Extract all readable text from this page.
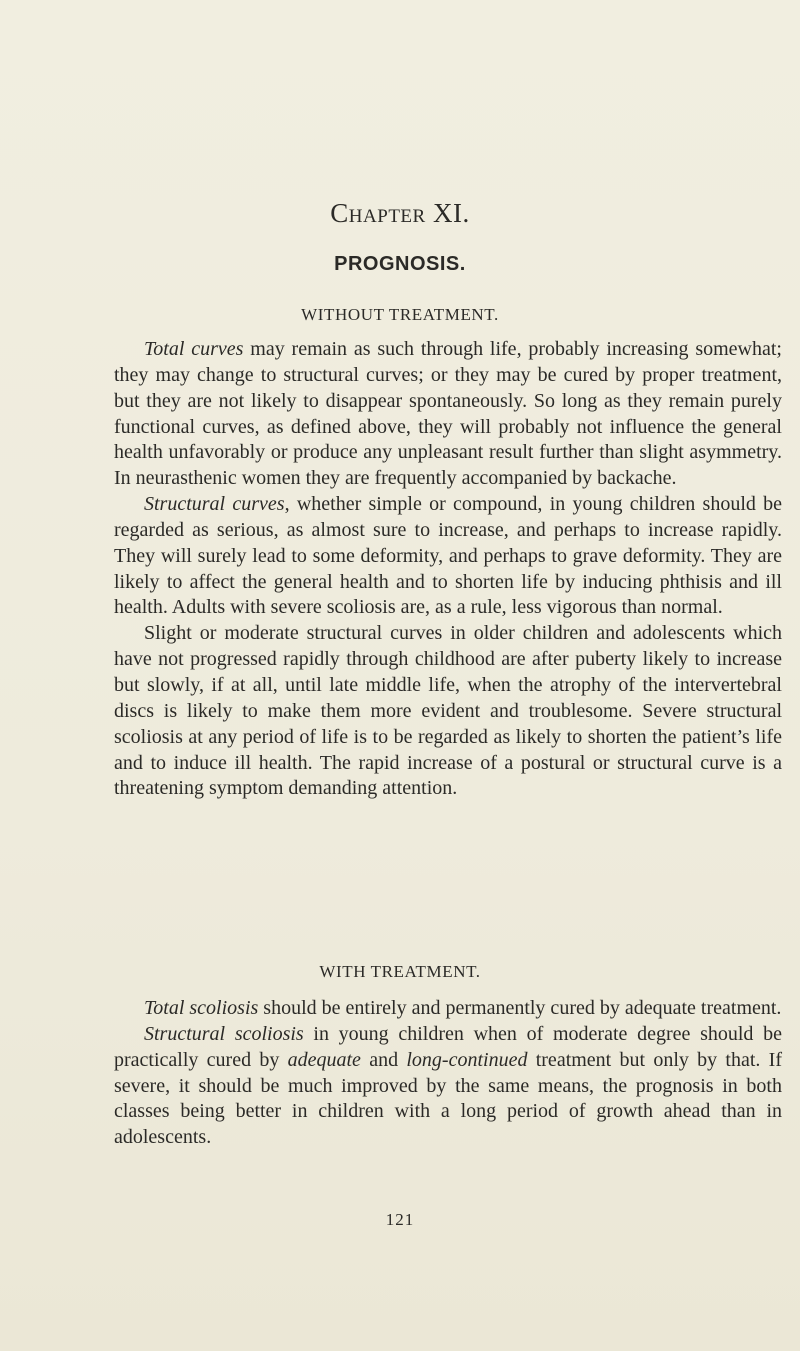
Chapter XI.
PROGNOSIS.
WITHOUT TREATMENT.

Total curves may remain as such through life, probably increasing somewhat; they may change to structural curves; or they may be cured by proper treatment, but they are not likely to disappear spontaneously. So long as they remain purely functional curves, as defined above, they will probably not influence the general health unfavorably or produce any unpleasant result further than slight asymmetry. In neurasthenic women they are frequently accompanied by backache.

Structural curves, whether simple or compound, in young children should be regarded as serious, as almost sure to increase, and perhaps to increase rapidly. They will surely lead to some deformity, and perhaps to grave deformity. They are likely to affect the general health and to shorten life by inducing phthisis and ill health. Adults with severe scoliosis are, as a rule, less vigorous than normal.

Slight or moderate structural curves in older children and adolescents which have not progressed rapidly through childhood are after puberty likely to increase but slowly, if at all, until late middle life, when the atrophy of the intervertebral discs is likely to make them more evident and troublesome. Severe structural scoliosis at any period of life is to be regarded as likely to shorten the patient’s life and to induce ill health. The rapid increase of a postural or structural curve is a threatening symptom demanding attention.

WITH TREATMENT.

Total scoliosis should be entirely and permanently cured by adequate treatment.

Structural scoliosis in young children when of moderate degree should be practically cured by adequate and long-continued treatment but only by that. If severe, it should be much improved by the same means, the prognosis in both classes being better in children with a long period of growth ahead than in adolescents.

121
